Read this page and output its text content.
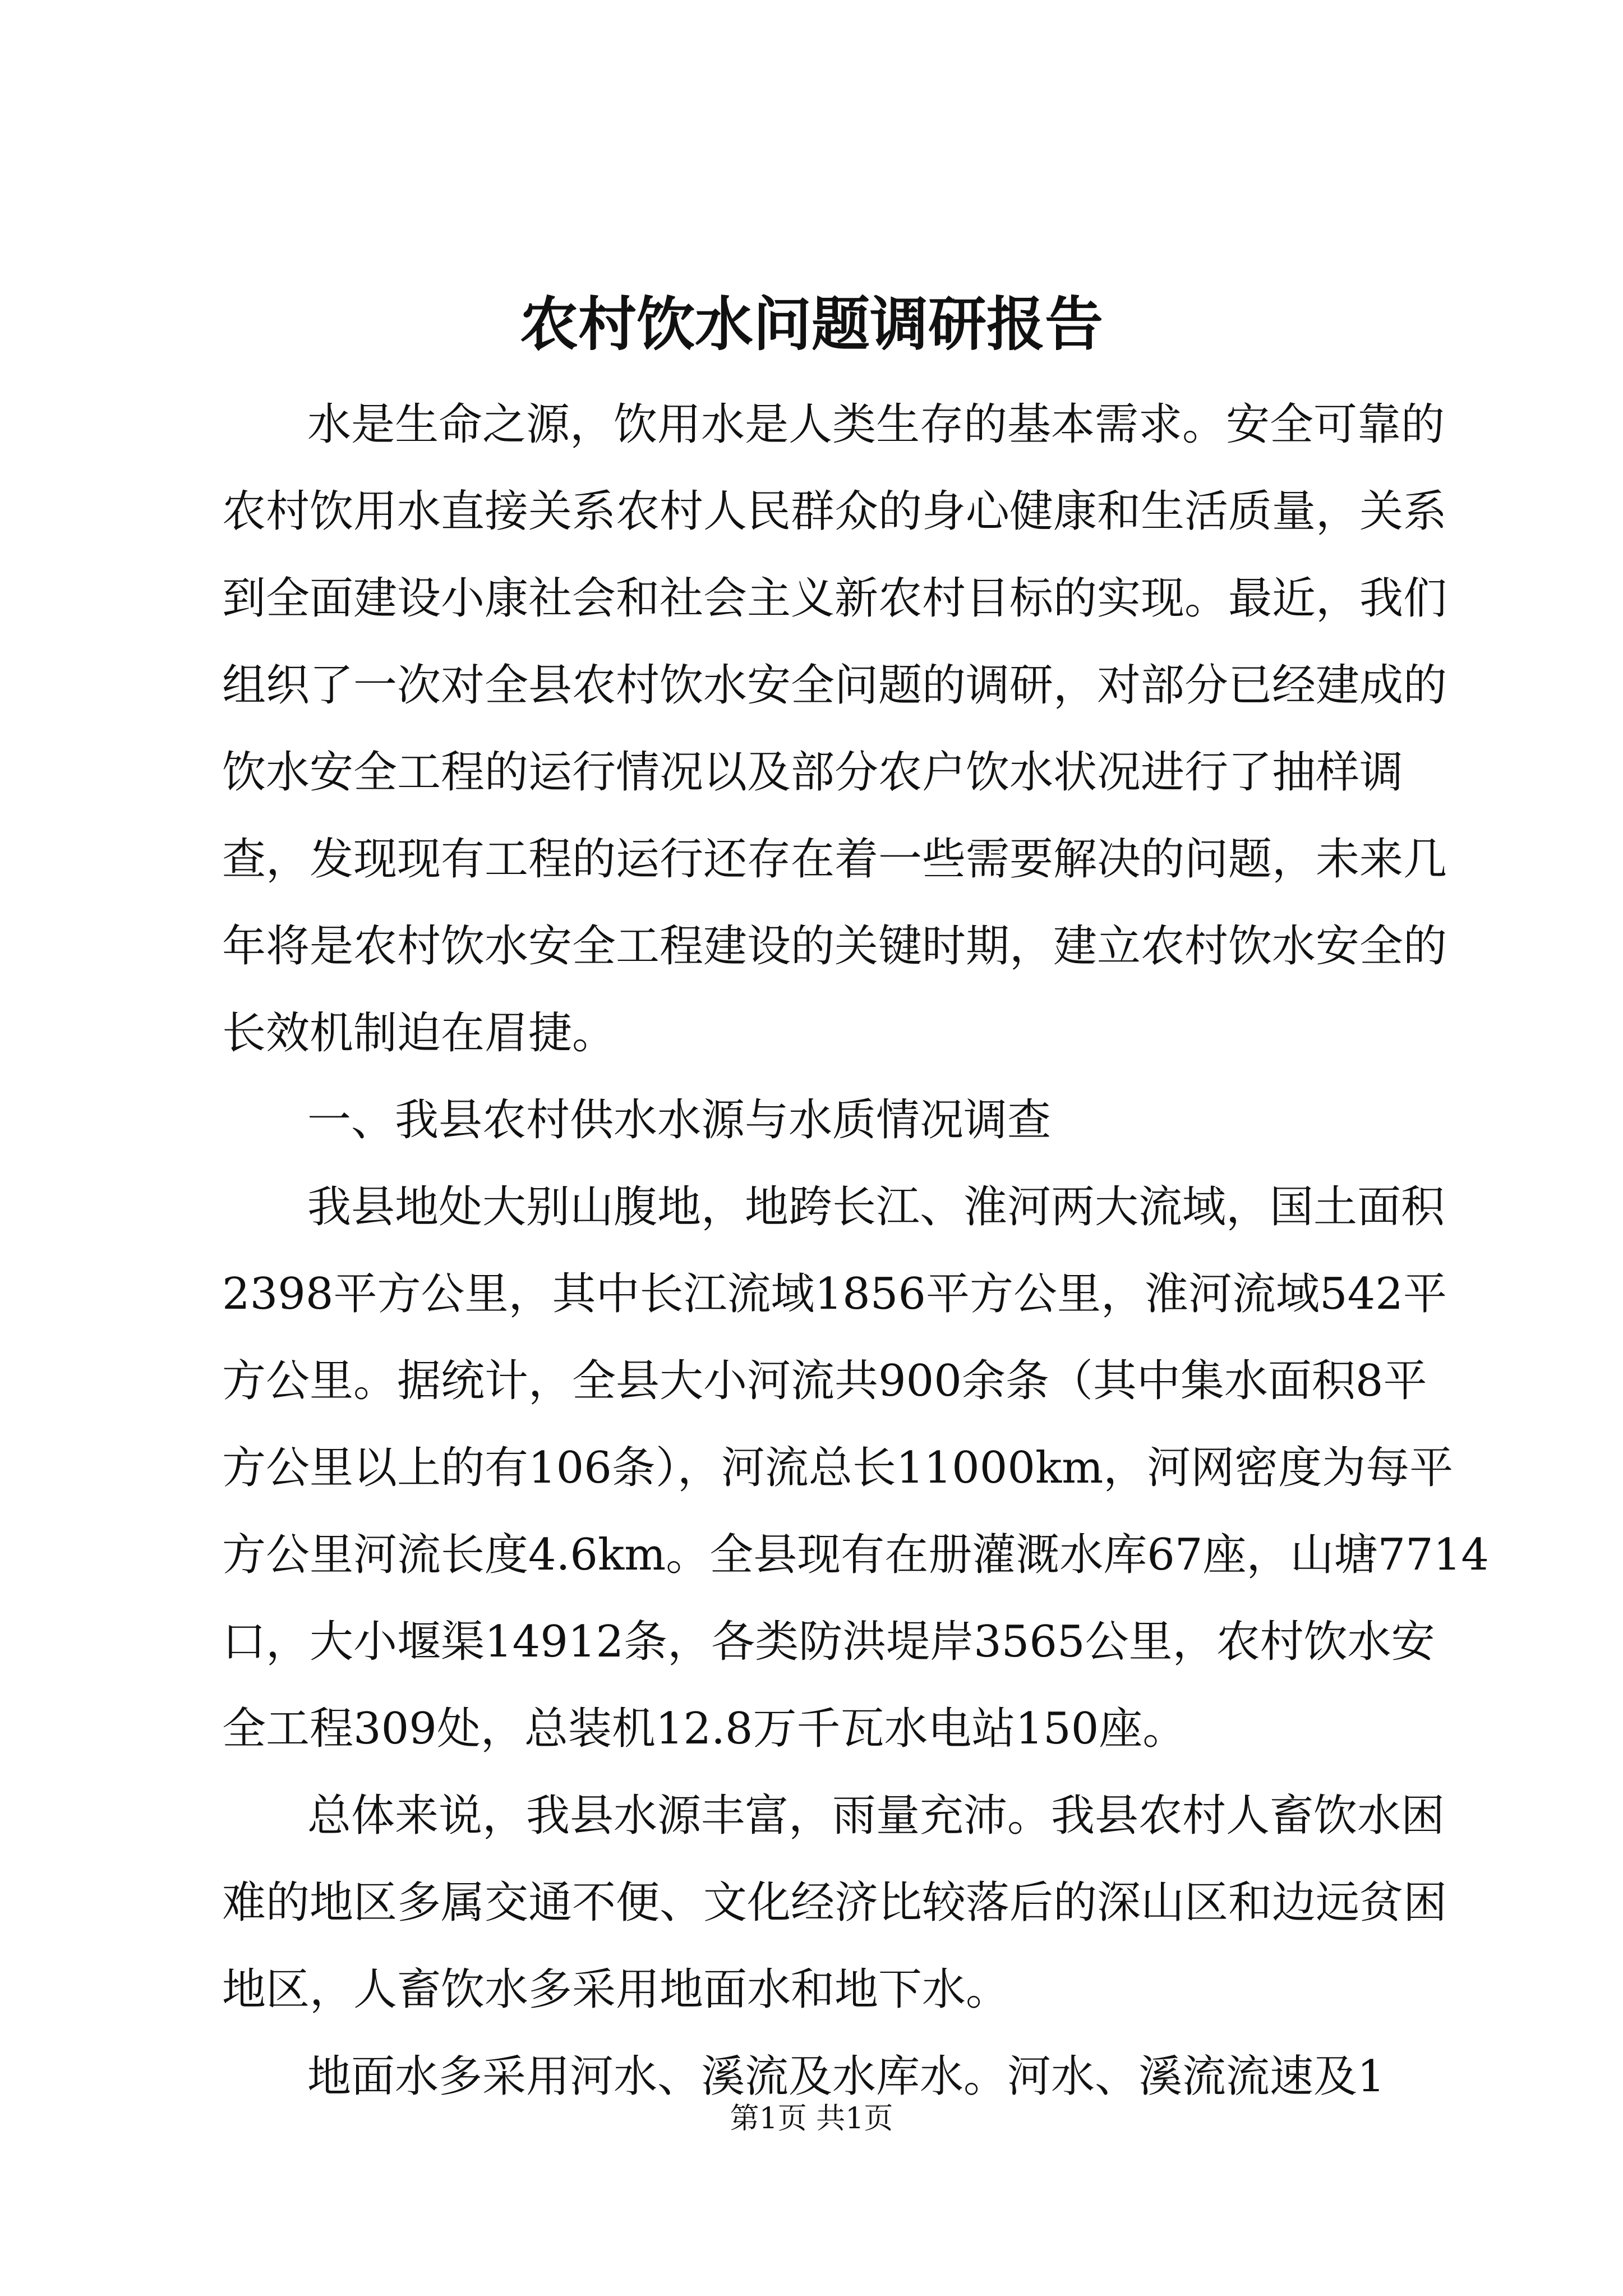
农村饮水问题调研报告
水是生命之源，饮用水是人类生存的基本需求。安全可靠的
农村饮用水直接关系农村人民群众的身心健康和生活质量，关系
到全面建设小康社会和社会主义新农村目标的实现。最近，我们
组织了一次对全县农村饮水安全问题的调研，对部分已经建成的
饮水安全工程的运行情况以及部分农户饮水状况进行了抽样调
查，发现现有工程的运行还存在着一些需要解决的问题，未来几
年将是农村饮水安全工程建设的关键时期，建立农村饮水安全的
长效机制迫在眉捷。
一、我县农村供水水源与水质情况调查
我县地处大别山腹地，地跨长江、淮河两大流域，国土面积
2398平方公里，其中长江流域1856平方公里，淮河流域542平
方公里。据统计，全县大小河流共900余条（其中集水面积8平
方公里以上的有106条），河流总长11000km，河网密度为每平
方公里河流长度4.6km。全县现有在册灌溉水库67座，山塘7714
口，大小堰渠14912条，各类防洪堤岸3565公里，农村饮水安
全工程309处，总装机12.8万千瓦水电站150座。
总体来说，我县水源丰富，雨量充沛。我县农村人畜饮水困
难的地区多属交通不便、文化经济比较落后的深山区和边远贫困
地区，人畜饮水多采用地面水和地下水。
地面水多采用河水、溪流及水库水。河水、溪流流速及1
第1页 共1页
